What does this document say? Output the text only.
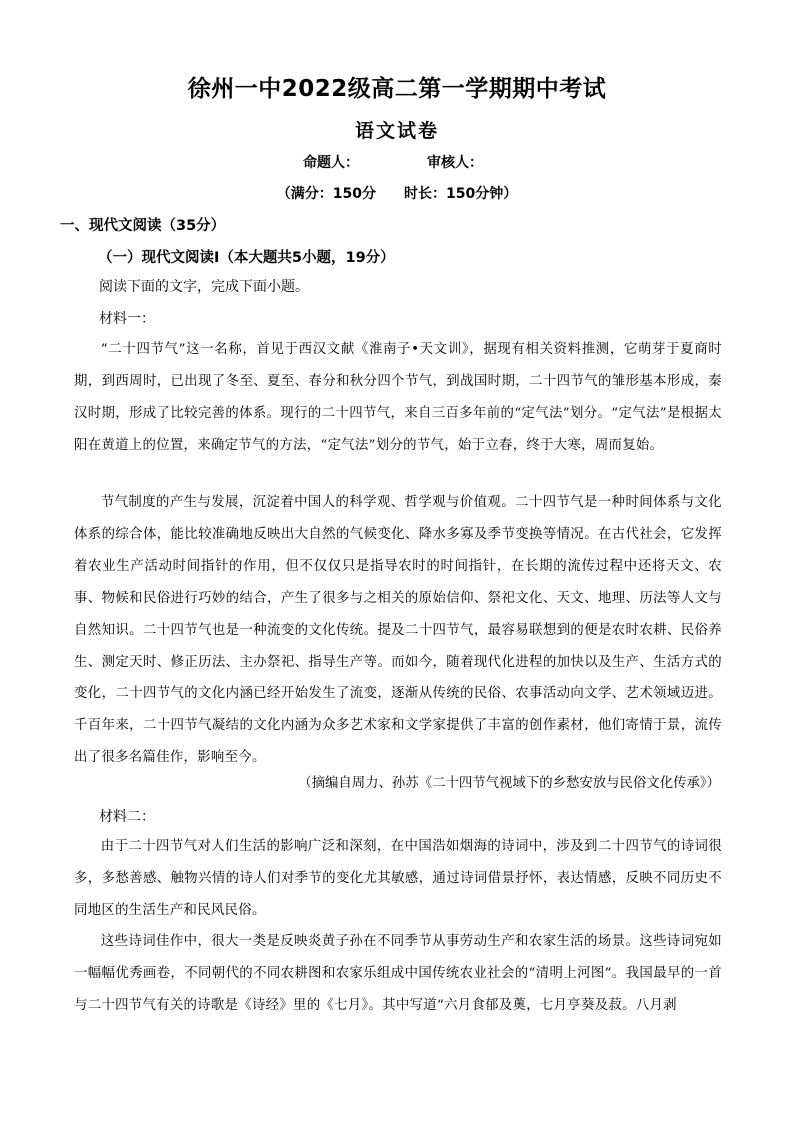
徐州一中2022级高二第一学期期中考试
语文试卷
命题人：	审核人：
（满分：150分　　时长：150分钟）
一、现代文阅读（35分）
（一）现代文阅读Ⅰ（本大题共5小题，19分）
阅读下面的文字，完成下面小题。
材料一：
“二十四节气”这一名称，首见于西汉文献《淮南子•天文训》，据现有相关资料推测，它萌芽于夏商时期，到西周时，已出现了冬至、夏至、春分和秋分四个节气，到战国时期，二十四节气的雏形基本形成，秦汉时期，形成了比较完善的体系。现行的二十四节气，来自三百多年前的“定气法”划分。“定气法”是根据太阳在黄道上的位置，来确定节气的方法，“定气法”划分的节气，始于立春，终于大寒，周而复始。
节气制度的产生与发展，沉淀着中国人的科学观、哲学观与价值观。二十四节气是一种时间体系与文化体系的综合体，能比较准确地反映出大自然的气候变化、降水多寡及季节变换等情况。在古代社会，它发挥着农业生产活动时间指针的作用，但不仅仅只是指导农时的时间指针，在长期的流传过程中还将天文、农事、物候和民俗进行巧妙的结合，产生了很多与之相关的原始信仰、祭祀文化、天文、地理、历法等人文与自然知识。二十四节气也是一种流变的文化传统。提及二十四节气，最容易联想到的便是农时农耕、民俗养生、测定天时、修正历法、主办祭祀、指导生产等。而如今，随着现代化进程的加快以及生产、生活方式的变化，二十四节气的文化内涵已经开始发生了流变，逐渐从传统的民俗、农事活动向文学、艺术领域迈进。千百年来，二十四节气凝结的文化内涵为众多艺术家和文学家提供了丰富的创作素材，他们寄情于景，流传出了很多名篇佳作，影响至今。
（摘编自周力、孙苏《二十四节气视域下的乡愁安放与民俗文化传承》）
材料二：
由于二十四节气对人们生活的影响广泛和深刻，在中国浩如烟海的诗词中，涉及到二十四节气的诗词很多，多愁善感、触物兴情的诗人们对季节的变化尤其敏感，通过诗词借景抒怀，表达情感，反映不同历史不同地区的生活生产和民风民俗。
这些诗词佳作中，很大一类是反映炎黄子孙在不同季节从事劳动生产和农家生活的场景。这些诗词宛如一幅幅优秀画卷，不同朝代的不同农耕图和农家乐组成中国传统农业社会的“清明上河图”。我国最早的一首与二十四节气有关的诗歌是《诗经》里的《七月》。其中写道“六月食郁及薁，七月亨葵及菽。八月剥
